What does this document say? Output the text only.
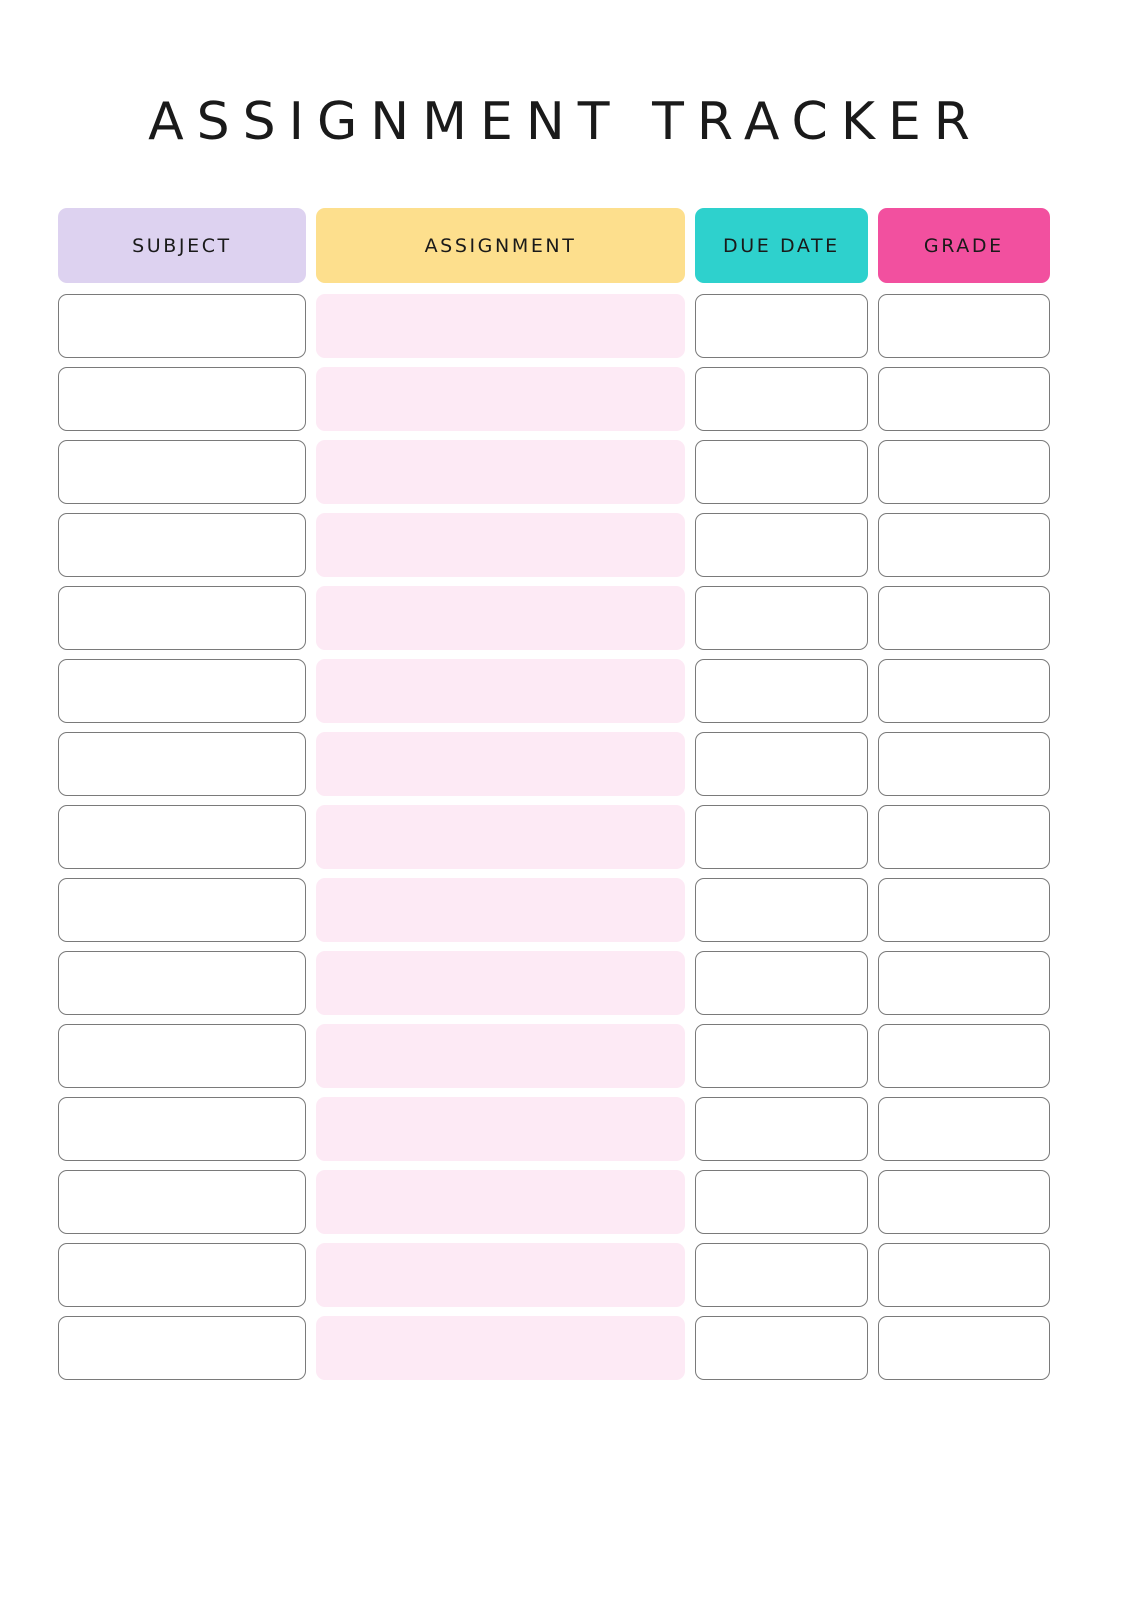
ASSIGNMENT TRACKER
SUBJECT	ASSIGNMENT	DUE DATE	GRADE
